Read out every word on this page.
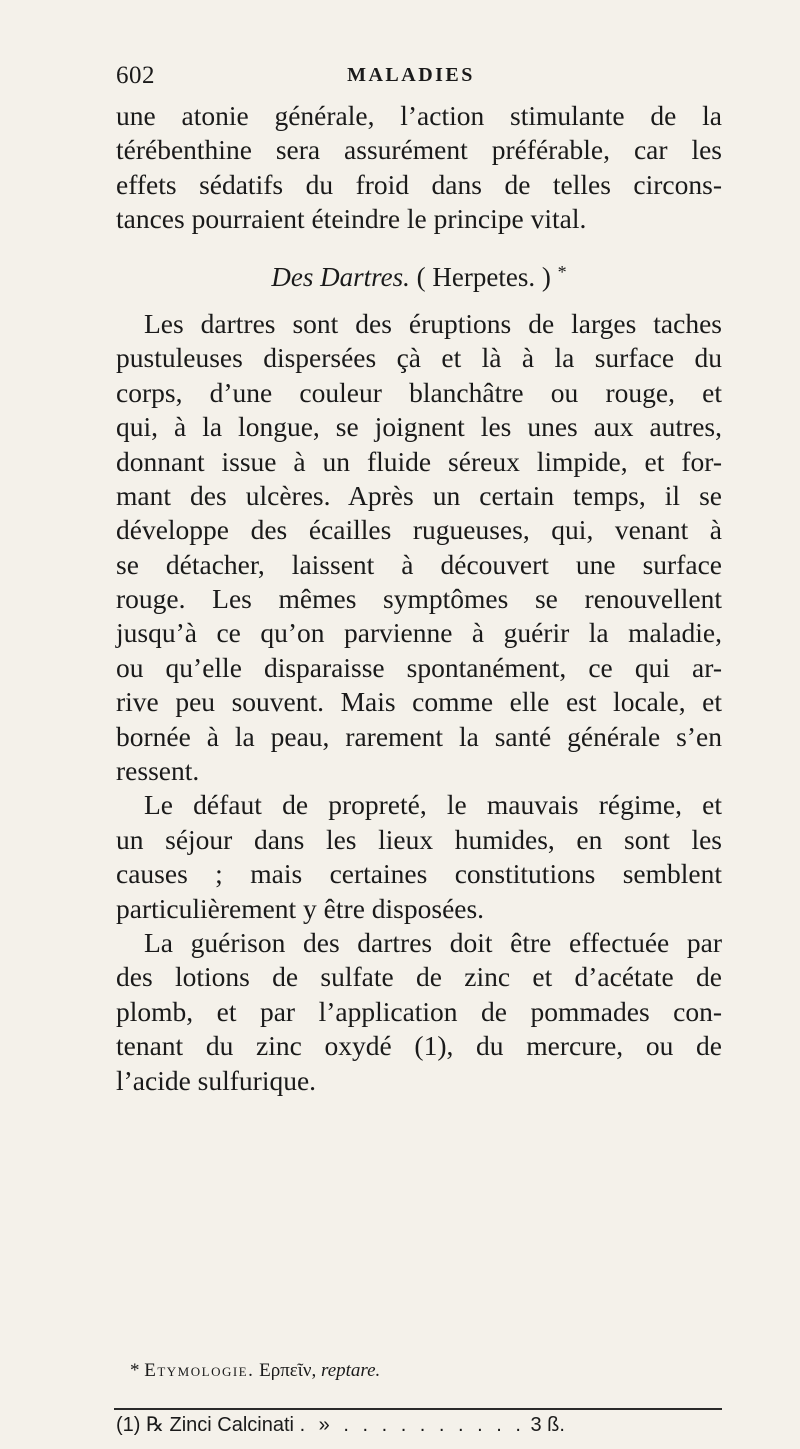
602	MALADIES
une atonie générale, l’action stimulante de la
térébenthine sera assurément préférable, car les
effets sédatifs du froid dans de telles circons-
tances pourraient éteindre le principe vital.
Des Dartres. ( Herpetes. ) *
Les dartres sont des éruptions de larges taches
pustuleuses dispersées çà et là à la surface du
corps, d’une couleur blanchâtre ou rouge, et
qui, à la longue, se joignent les unes aux autres,
donnant issue à un fluide séreux limpide, et for-
mant des ulcères. Après un certain temps, il se
développe des écailles rugueuses, qui, venant à
se détacher, laissent à découvert une surface
rouge. Les mêmes symptômes se renouvellent
jusqu’à ce qu’on parvienne à guérir la maladie,
ou qu’elle disparaisse spontanément, ce qui ar-
rive peu souvent. Mais comme elle est locale, et
bornée à la peau, rarement la santé générale s’en
ressent.
Le défaut de propreté, le mauvais régime, et
un séjour dans les lieux humides, en sont les
causes ; mais certaines constitutions semblent
particulièrement y être disposées.
La guérison des dartres doit être effectuée par
des lotions de sulfate de zinc et d’acétate de
plomb, et par l’application de pommades con-
tenant du zinc oxydé (1), du mercure, ou de
l’acide sulfurique.
* Etymologie. Ερπεῖν, reptare.
(1) ℞ Zinci Calcinati . » . . . . . . . . . . 3 ß.
